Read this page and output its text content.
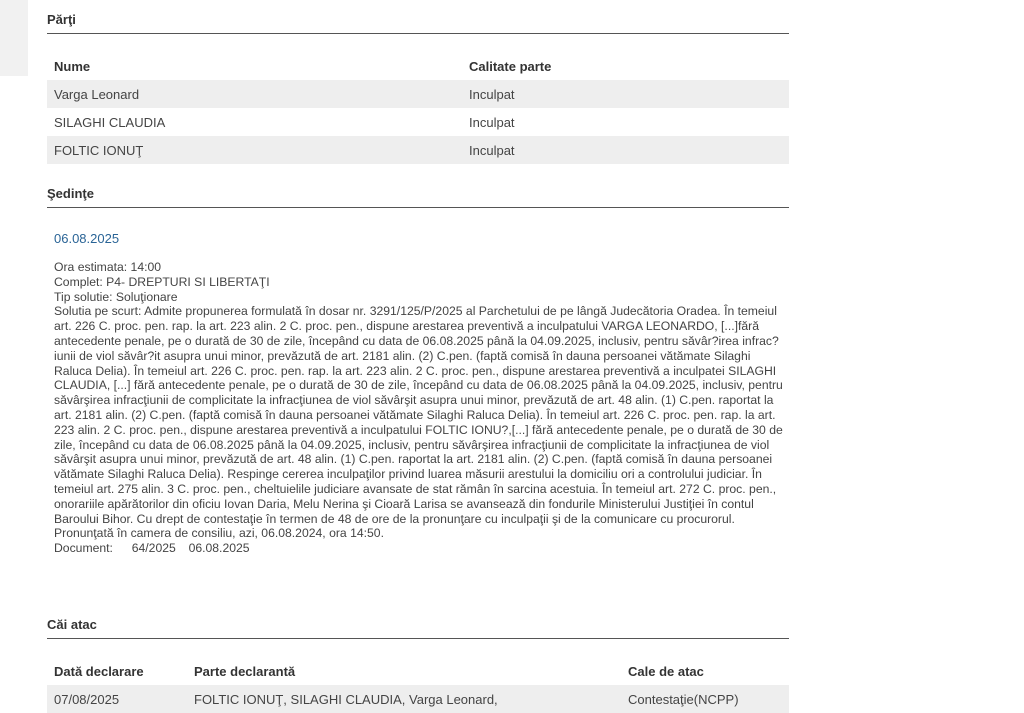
Părţi
Nume	Calitate parte
Varga Leonard	Inculpat
SILAGHI CLAUDIA	Inculpat
FOLTIC IONUŢ	Inculpat
Şedinţe
06.08.2025
Ora estimata: 14:00
Complet: P4- DREPTURI SI LIBERTAŢI
Tip solutie: Soluţionare
Solutia pe scurt: Admite propunerea formulată în dosar nr. 3291/125/P/2025 al Parchetului de pe lângă Judecătoria Oradea. În temeiul art. 226 C. proc. pen. rap. la art. 223 alin. 2 C. proc. pen., dispune arestarea preventivă a inculpatului VARGA LEONARDO, [...]fără antecedente penale, pe o durată de 30 de zile, începând cu data de 06.08.2025 până la 04.09.2025, inclusiv, pentru săvâr?irea infrac?iunii de viol săvâr?it asupra unui minor, prevăzută de art. 2181 alin. (2) C.pen. (faptă comisă în dauna persoanei vătămate Silaghi Raluca Delia). În temeiul art. 226 C. proc. pen. rap. la art. 223 alin. 2 C. proc. pen., dispune arestarea preventivă a inculpatei SILAGHI CLAUDIA, [...] fără antecedente penale, pe o durată de 30 de zile, începând cu data de 06.08.2025 până la 04.09.2025, inclusiv, pentru săvârşirea infracţiunii de complicitate la infracţiunea de viol săvârşit asupra unui minor, prevăzută de art. 48 alin. (1) C.pen. raportat la art. 2181 alin. (2) C.pen. (faptă comisă în dauna persoanei vătămate Silaghi Raluca Delia). În temeiul art. 226 C. proc. pen. rap. la art. 223 alin. 2 C. proc. pen., dispune arestarea preventivă a inculpatului FOLTIC IONU?,[...] fără antecedente penale, pe o durată de 30 de zile, începând cu data de 06.08.2025 până la 04.09.2025, inclusiv, pentru săvârşirea infracţiunii de complicitate la infracţiunea de viol săvârşit asupra unui minor, prevăzută de art. 48 alin. (1) C.pen. raportat la art. 2181 alin. (2) C.pen. (faptă comisă în dauna persoanei vătămate Silaghi Raluca Delia). Respinge cererea inculpaţilor privind luarea măsurii arestului la domiciliu ori a controlului judiciar. În temeiul art. 275 alin. 3 C. proc. pen., cheltuielile judiciare avansate de stat rămân în sarcina acestuia. În temeiul art. 272 C. proc. pen., onorariile apărătorilor din oficiu Iovan Daria, Melu Nerina şi Cioară Larisa se avansează din fondurile Ministerului Justiţiei în contul Baroului Bihor. Cu drept de contestaţie în termen de 48 de ore de la pronunţare cu inculpaţii şi de la comunicare cu procurorul. Pronunţată în camera de consiliu, azi, 06.08.2024, ora 14:50.
Document: 64/2025 06.08.2025
Căi atac
Dată declarare	Parte declarantă	Cale de atac
07/08/2025	FOLTIC IONUŢ, SILAGHI CLAUDIA, Varga Leonard,	Contestaţie(NCPP)
